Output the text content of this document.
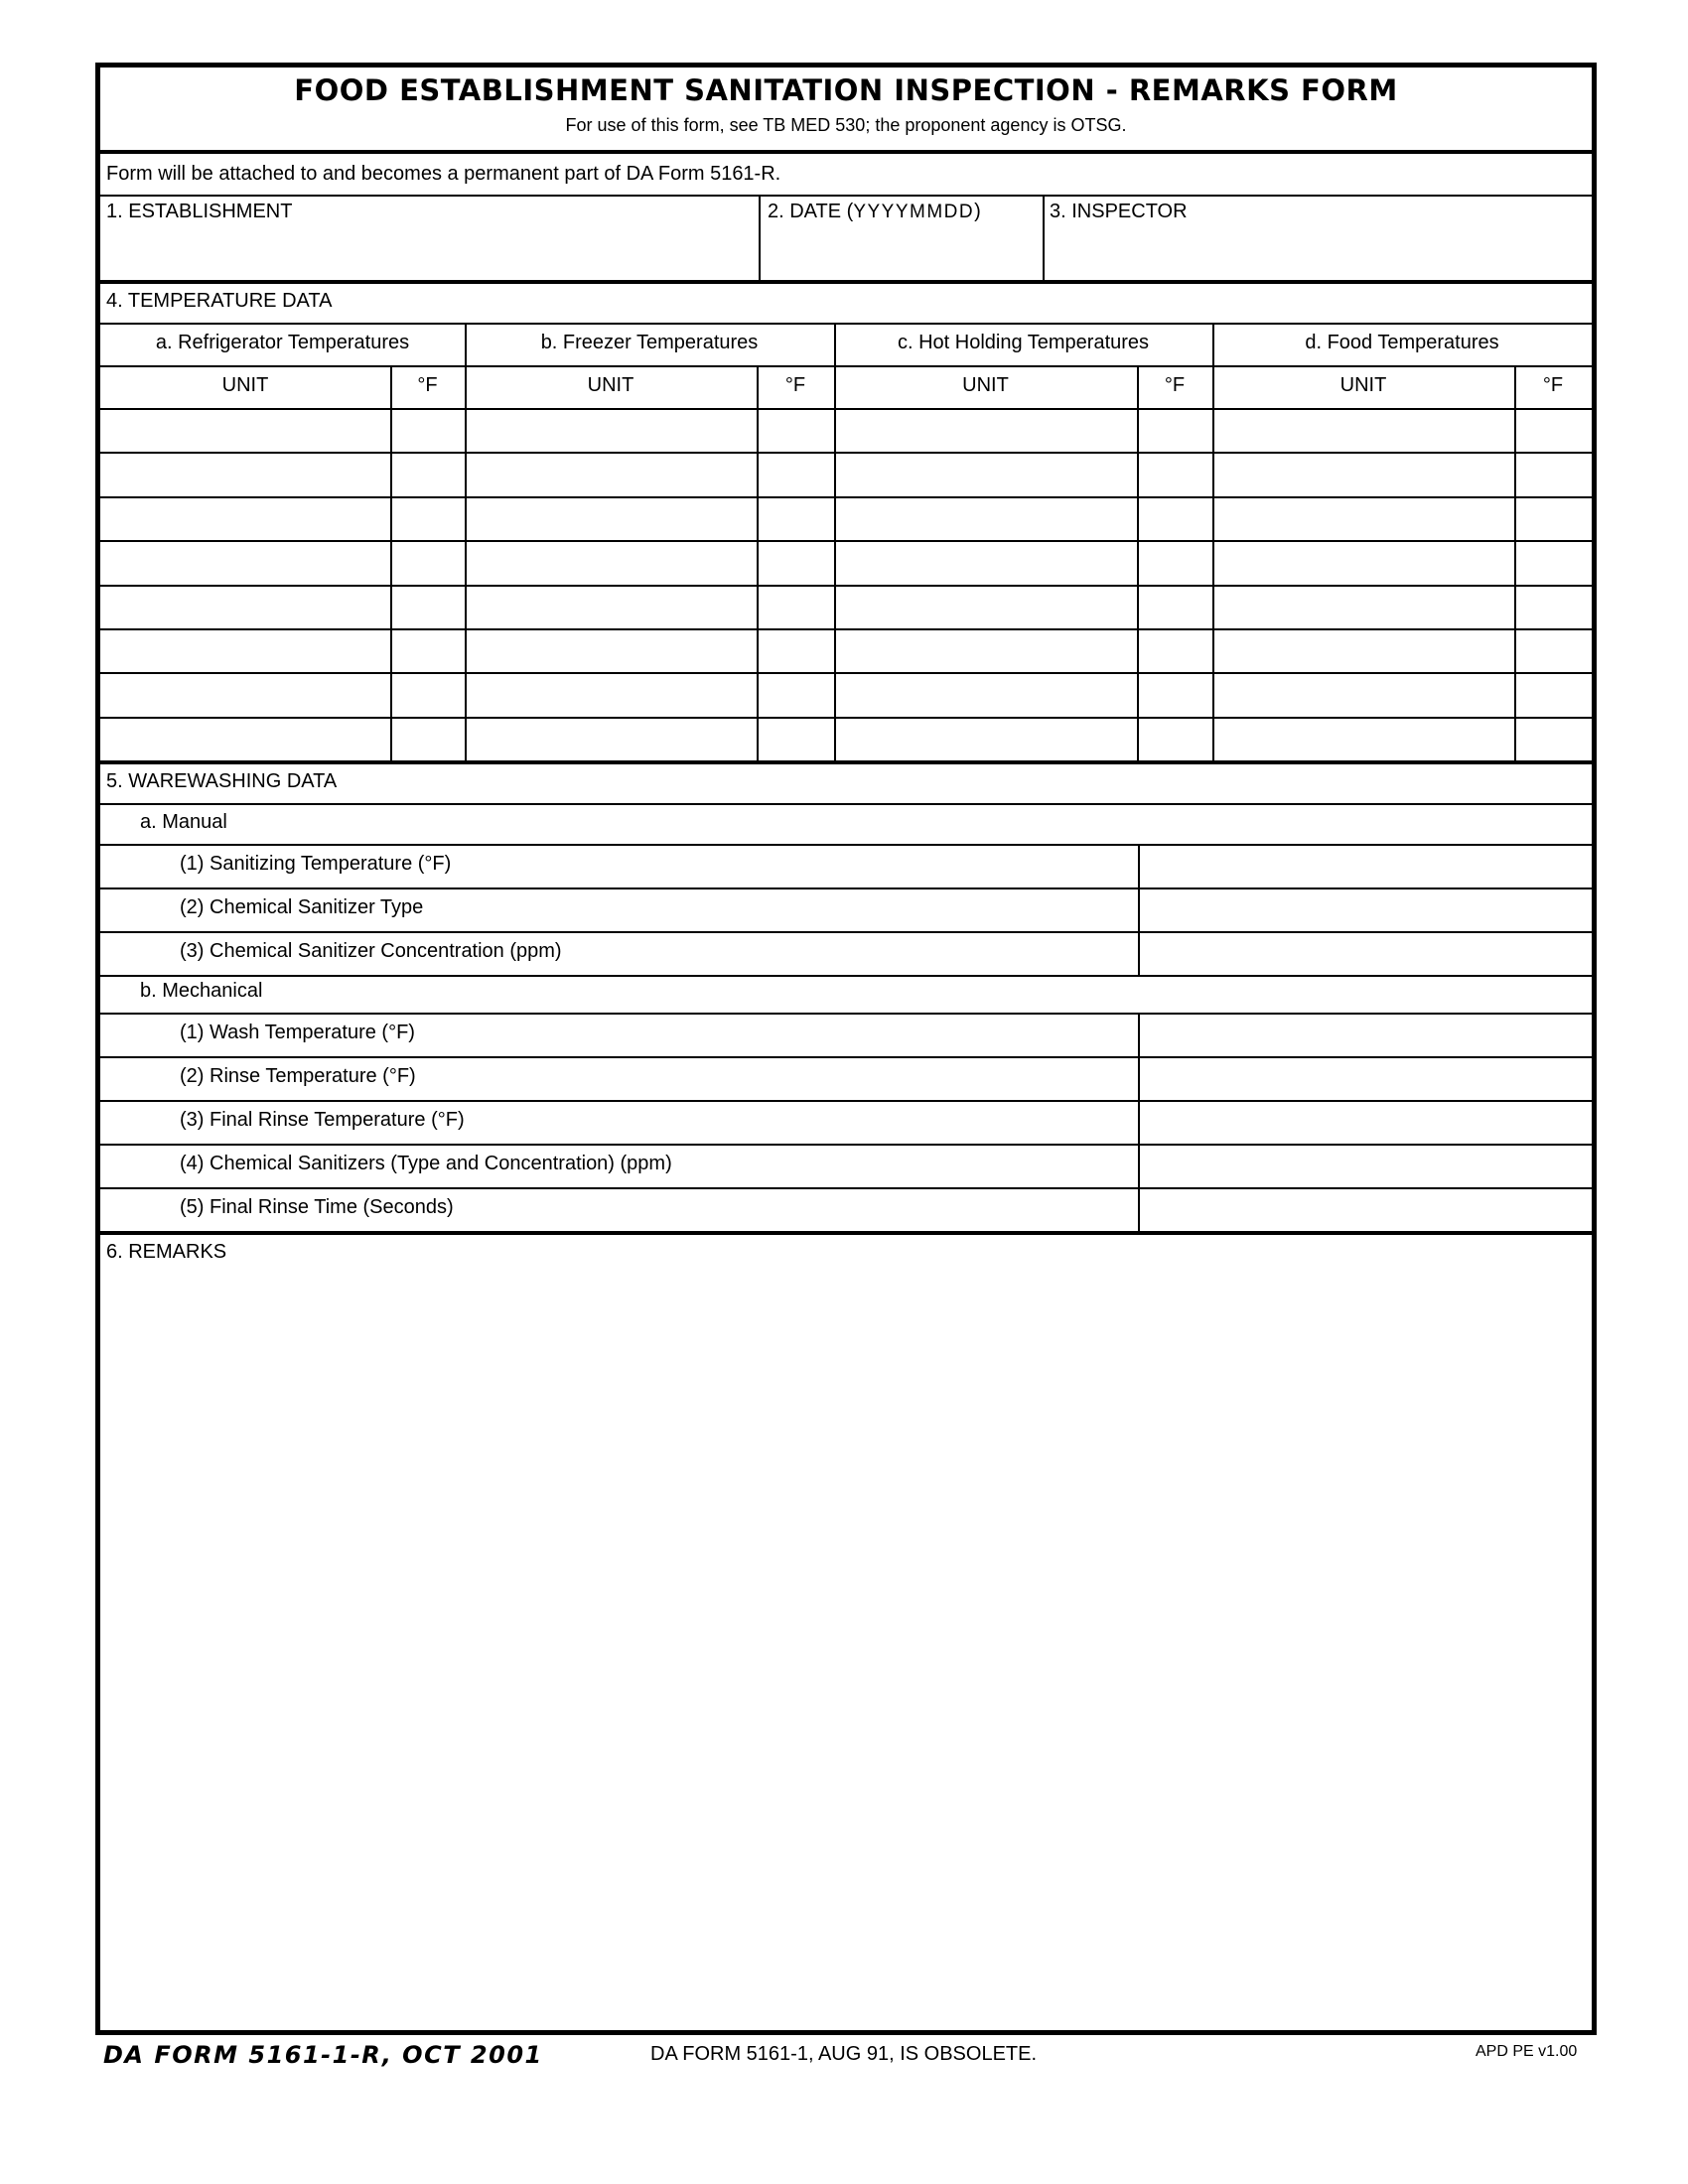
FOOD ESTABLISHMENT SANITATION INSPECTION - REMARKS FORM
For use of this form, see TB MED 530; the proponent agency is OTSG.
Form will be attached to and becomes a permanent part of DA Form 5161-R.
1. ESTABLISHMENT	2. DATE (YYYYMMDD)	3. INSPECTOR
4. TEMPERATURE DATA
a. Refrigerator Temperatures
UNIT	°F
b. Freezer Temperatures
UNIT	°F
c. Hot Holding Temperatures
UNIT	°F
d. Food Temperatures
UNIT	°F
5. WAREWASHING DATA
a. Manual
(1) Sanitizing Temperature (°F)
(2) Chemical Sanitizer Type
(3) Chemical Sanitizer Concentration (ppm)
b. Mechanical
(1) Wash Temperature (°F)
(2) Rinse Temperature (°F)
(3) Final Rinse Temperature (°F)
(4) Chemical Sanitizers (Type and Concentration) (ppm)
(5) Final Rinse Time (Seconds)
6. REMARKS
DA FORM 5161-1-R, OCT 2001	DA FORM 5161-1, AUG 91, IS OBSOLETE.	APD PE v1.00
